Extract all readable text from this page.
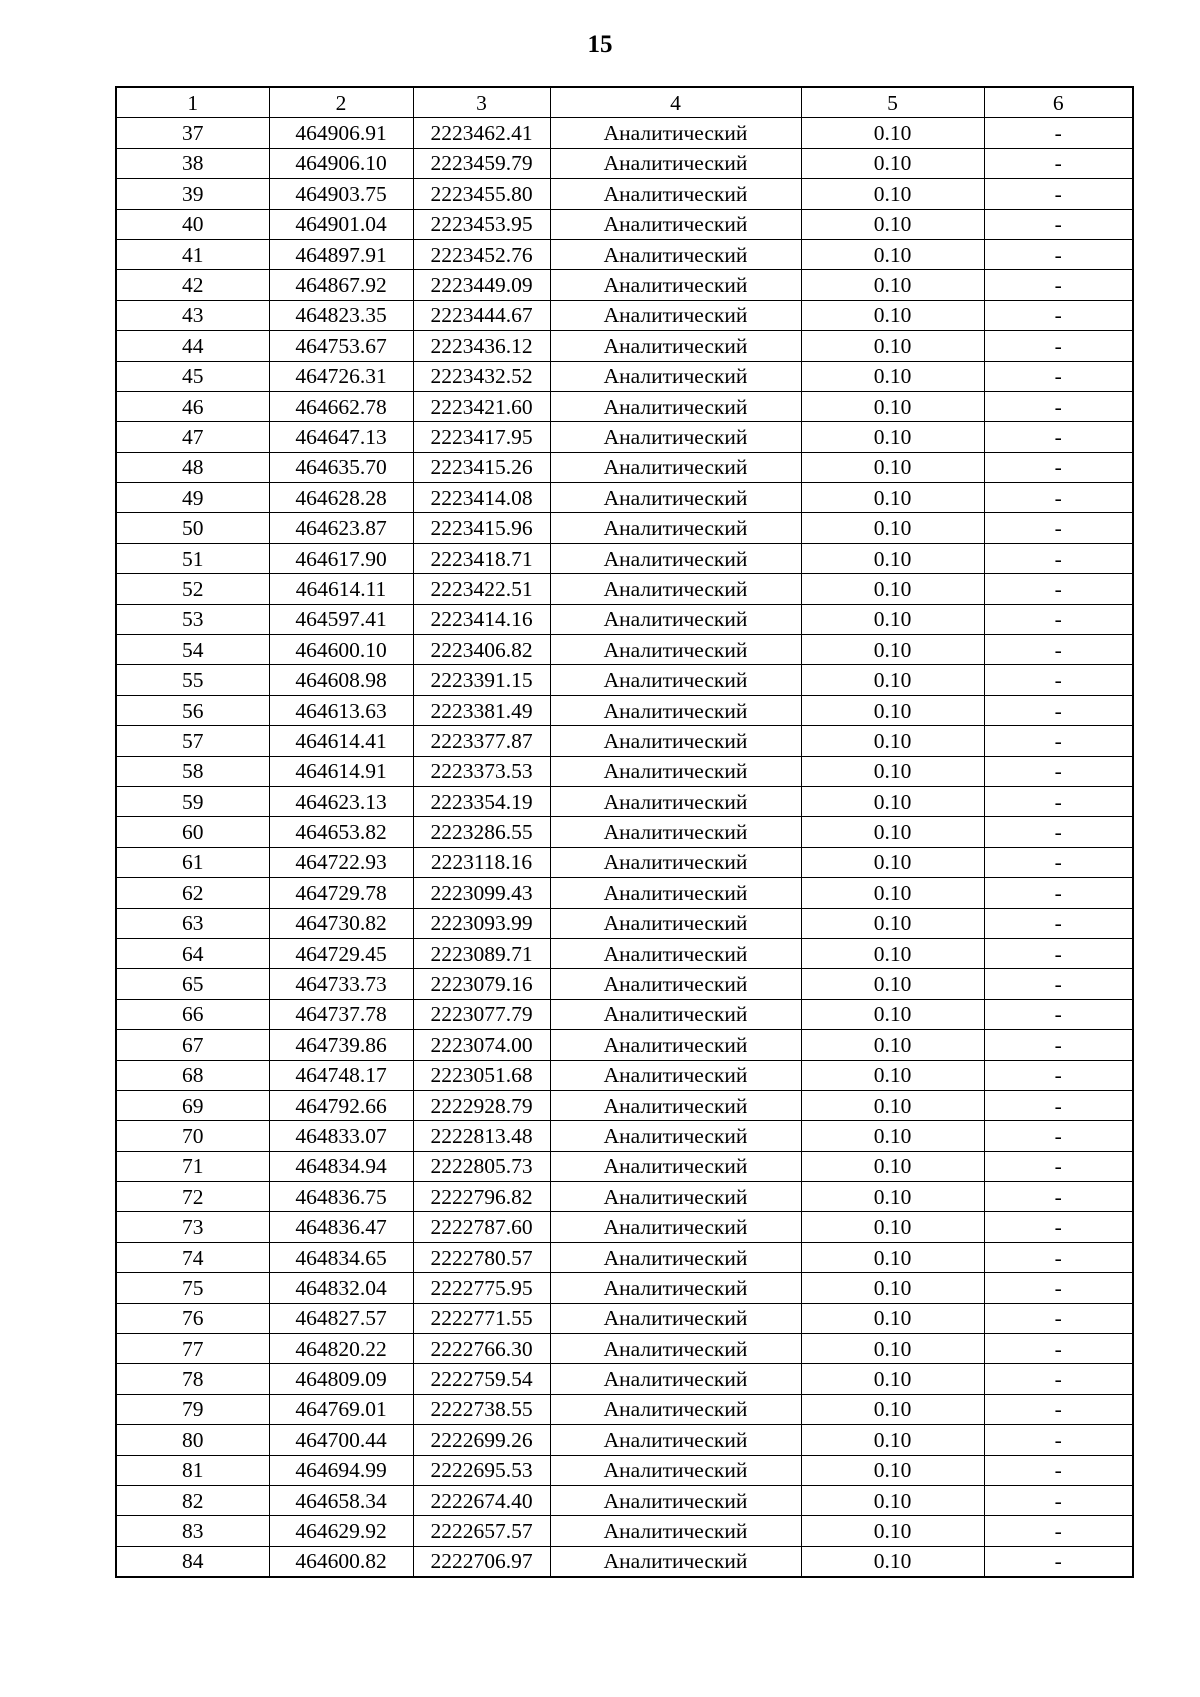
15
1	2	3	4	5	6
37	464906.91	2223462.41	Аналитический	0.10	-
38	464906.10	2223459.79	Аналитический	0.10	-
39	464903.75	2223455.80	Аналитический	0.10	-
40	464901.04	2223453.95	Аналитический	0.10	-
41	464897.91	2223452.76	Аналитический	0.10	-
42	464867.92	2223449.09	Аналитический	0.10	-
43	464823.35	2223444.67	Аналитический	0.10	-
44	464753.67	2223436.12	Аналитический	0.10	-
45	464726.31	2223432.52	Аналитический	0.10	-
46	464662.78	2223421.60	Аналитический	0.10	-
47	464647.13	2223417.95	Аналитический	0.10	-
48	464635.70	2223415.26	Аналитический	0.10	-
49	464628.28	2223414.08	Аналитический	0.10	-
50	464623.87	2223415.96	Аналитический	0.10	-
51	464617.90	2223418.71	Аналитический	0.10	-
52	464614.11	2223422.51	Аналитический	0.10	-
53	464597.41	2223414.16	Аналитический	0.10	-
54	464600.10	2223406.82	Аналитический	0.10	-
55	464608.98	2223391.15	Аналитический	0.10	-
56	464613.63	2223381.49	Аналитический	0.10	-
57	464614.41	2223377.87	Аналитический	0.10	-
58	464614.91	2223373.53	Аналитический	0.10	-
59	464623.13	2223354.19	Аналитический	0.10	-
60	464653.82	2223286.55	Аналитический	0.10	-
61	464722.93	2223118.16	Аналитический	0.10	-
62	464729.78	2223099.43	Аналитический	0.10	-
63	464730.82	2223093.99	Аналитический	0.10	-
64	464729.45	2223089.71	Аналитический	0.10	-
65	464733.73	2223079.16	Аналитический	0.10	-
66	464737.78	2223077.79	Аналитический	0.10	-
67	464739.86	2223074.00	Аналитический	0.10	-
68	464748.17	2223051.68	Аналитический	0.10	-
69	464792.66	2222928.79	Аналитический	0.10	-
70	464833.07	2222813.48	Аналитический	0.10	-
71	464834.94	2222805.73	Аналитический	0.10	-
72	464836.75	2222796.82	Аналитический	0.10	-
73	464836.47	2222787.60	Аналитический	0.10	-
74	464834.65	2222780.57	Аналитический	0.10	-
75	464832.04	2222775.95	Аналитический	0.10	-
76	464827.57	2222771.55	Аналитический	0.10	-
77	464820.22	2222766.30	Аналитический	0.10	-
78	464809.09	2222759.54	Аналитический	0.10	-
79	464769.01	2222738.55	Аналитический	0.10	-
80	464700.44	2222699.26	Аналитический	0.10	-
81	464694.99	2222695.53	Аналитический	0.10	-
82	464658.34	2222674.40	Аналитический	0.10	-
83	464629.92	2222657.57	Аналитический	0.10	-
84	464600.82	2222706.97	Аналитический	0.10	-
